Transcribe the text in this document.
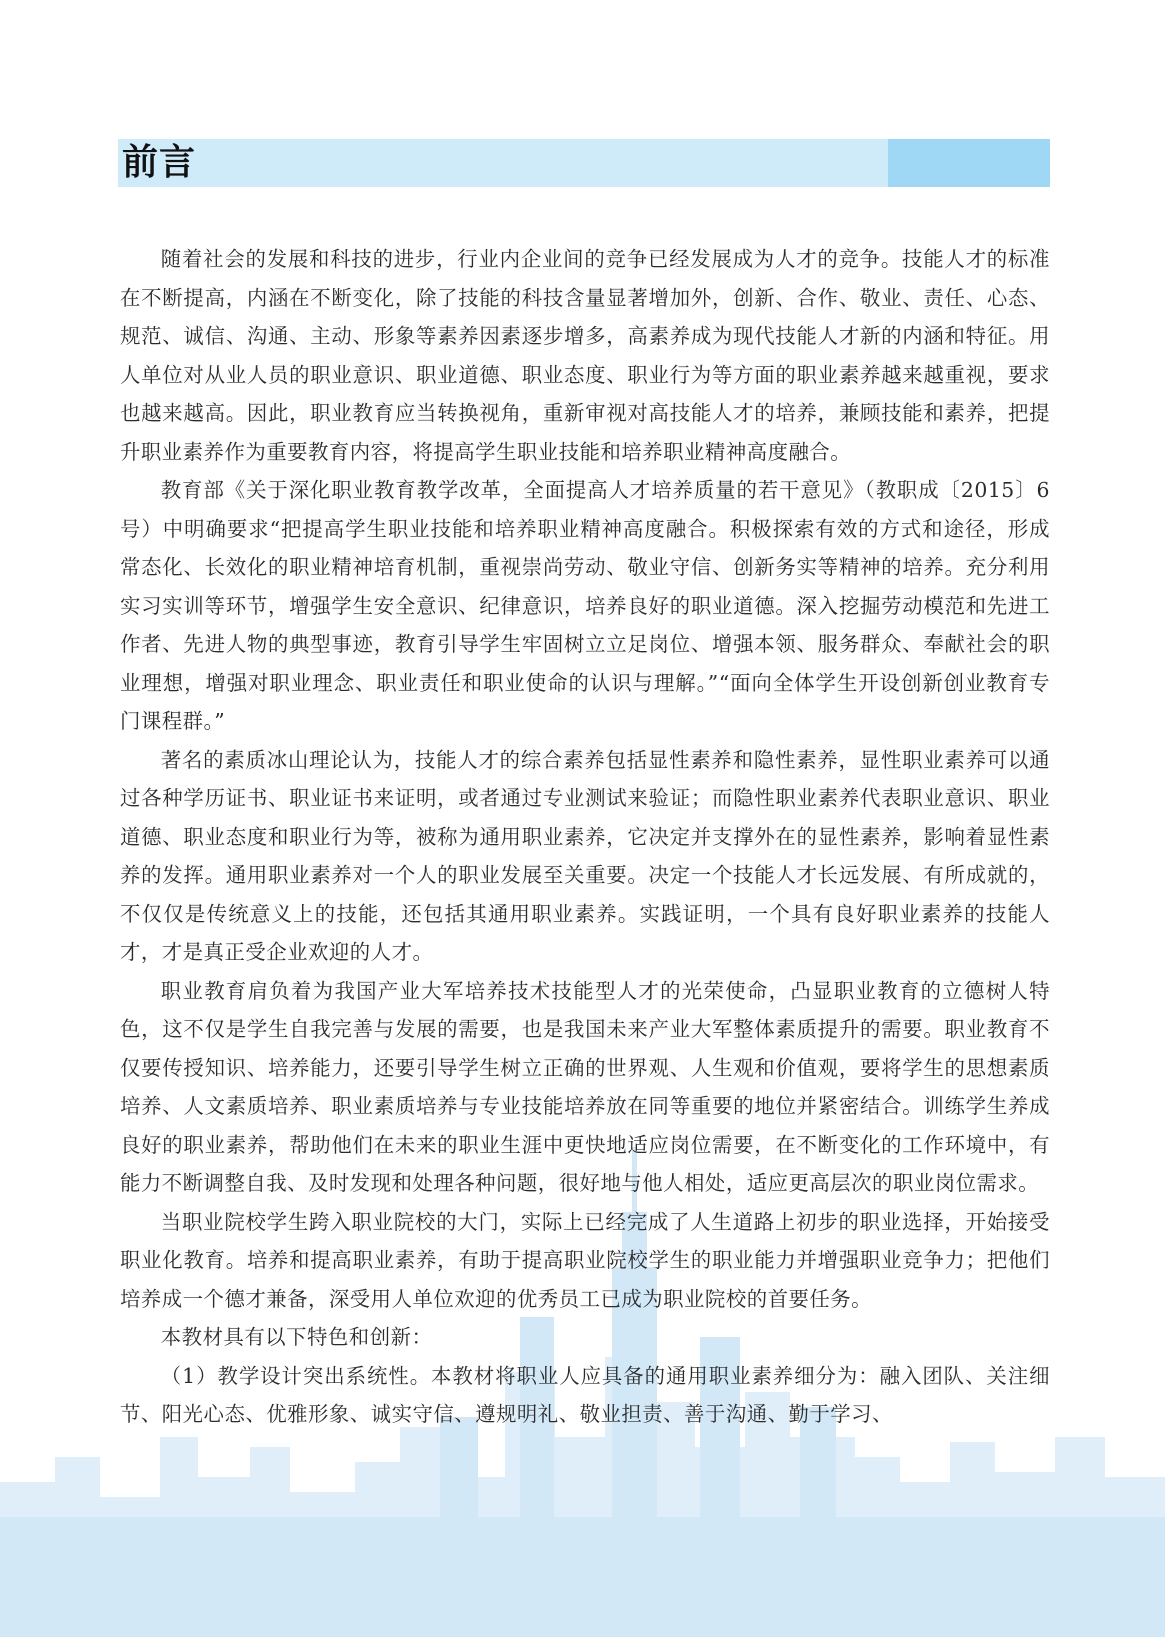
前言

随着社会的发展和科技的进步，行业内企业间的竞争已经发展成为人才的竞争。技能人才的标准在不断提高，内涵在不断变化，除了技能的科技含量显著增加外，创新、合作、敬业、责任、心态、规范、诚信、沟通、主动、形象等素养因素逐步增多，高素养成为现代技能人才新的内涵和特征。用人单位对从业人员的职业意识、职业道德、职业态度、职业行为等方面的职业素养越来越重视，要求也越来越高。因此，职业教育应当转换视角，重新审视对高技能人才的培养，兼顾技能和素养，把提升职业素养作为重要教育内容，将提高学生职业技能和培养职业精神高度融合。

教育部《关于深化职业教育教学改革，全面提高人才培养质量的若干意见》（教职成〔2015〕6号）中明确要求“把提高学生职业技能和培养职业精神高度融合。积极探索有效的方式和途径，形成常态化、长效化的职业精神培育机制，重视崇尚劳动、敬业守信、创新务实等精神的培养。充分利用实习实训等环节，增强学生安全意识、纪律意识，培养良好的职业道德。深入挖掘劳动模范和先进工作者、先进人物的典型事迹，教育引导学生牢固树立立足岗位、增强本领、服务群众、奉献社会的职业理想，增强对职业理念、职业责任和职业使命的认识与理解。”“面向全体学生开设创新创业教育专门课程群。”

著名的素质冰山理论认为，技能人才的综合素养包括显性素养和隐性素养，显性职业素养可以通过各种学历证书、职业证书来证明，或者通过专业测试来验证；而隐性职业素养代表职业意识、职业道德、职业态度和职业行为等，被称为通用职业素养，它决定并支撑外在的显性素养，影响着显性素养的发挥。通用职业素养对一个人的职业发展至关重要。决定一个技能人才长远发展、有所成就的，不仅仅是传统意义上的技能，还包括其通用职业素养。实践证明，一个具有良好职业素养的技能人才，才是真正受企业欢迎的人才。

职业教育肩负着为我国产业大军培养技术技能型人才的光荣使命，凸显职业教育的立德树人特色，这不仅是学生自我完善与发展的需要，也是我国未来产业大军整体素质提升的需要。职业教育不仅要传授知识、培养能力，还要引导学生树立正确的世界观、人生观和价值观，要将学生的思想素质培养、人文素质培养、职业素质培养与专业技能培养放在同等重要的地位并紧密结合。训练学生养成良好的职业素养，帮助他们在未来的职业生涯中更快地适应岗位需要，在不断变化的工作环境中，有能力不断调整自我、及时发现和处理各种问题，很好地与他人相处，适应更高层次的职业岗位需求。

当职业院校学生跨入职业院校的大门，实际上已经完成了人生道路上初步的职业选择，开始接受职业化教育。培养和提高职业素养，有助于提高职业院校学生的职业能力并增强职业竞争力；把他们培养成一个德才兼备，深受用人单位欢迎的优秀员工已成为职业院校的首要任务。

本教材具有以下特色和创新：

（1）教学设计突出系统性。本教材将职业人应具备的通用职业素养细分为：融入团队、关注细节、阳光心态、优雅形象、诚实守信、遵规明礼、敬业担责、善于沟通、勤于学习、
